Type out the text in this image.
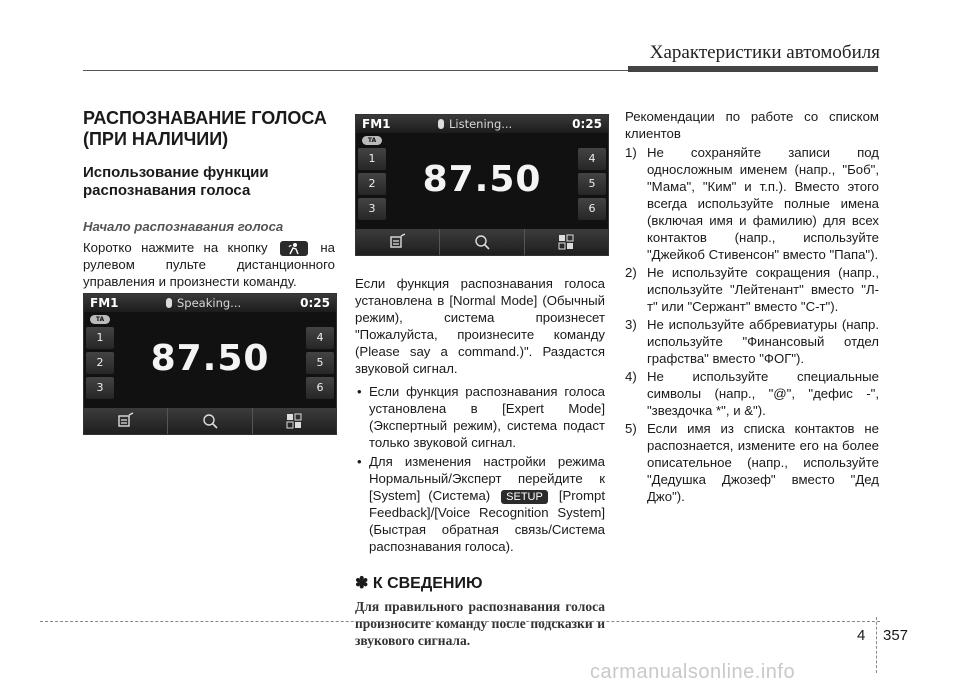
Характеристики автомобиля
РАСПОЗНАВАНИЕ ГОЛОСА (ПРИ НАЛИЧИИ)
Использование функции распознавания голоса
Начало распознавания голоса

Коротко нажмите на кнопку	на рулевом пульте дистанционного управления и произнести команду.

FM1	Speaking...	0:25
TA
1
2
3
4
5
6
87.50
FM1	Listening...	0:25
TA
1
2
3
4
5
6
87.50

Если функция распознавания голоса установлена в [Normal Mode] (Обычный режим), система произнесет "Пожалуйста, произнесите команду (Please say a command.)". Раздастся звуковой сигнал.

• Если функция распознавания голоса установлена в [Expert Mode] (Экспертный режим), система подаст только звуковой сигнал.
• Для изменения настройки режима Нормальный/Эксперт перейдите к [System] (Система) SETUP [Prompt Feedback]/[Voice Recognition System] (Быстрая обратная связь/Система распознавания голоса).
✽ К СВЕДЕНИЮ
Для правильного распознавания голоса произносите команду после подсказки и звукового сигнала.

Рекомендации по работе со списком клиентов

1) Не сохраняйте записи под односложным именем (напр., "Боб", "Мама", "Ким" и т.п.). Вместо этого всегда используйте полные имена (включая имя и фамилию) для всех контактов (напр., используйте "Джейкоб Стивенсон" вместо "Папа").
2) Не используйте сокращения (напр., используйте "Лейтенант" вместо "Л-т" или "Сержант" вместо "С-т").
3) Не используйте аббревиатуры (напр. используйте "Финансовый отдел графства" вместо "ФОГ").
4) Не используйте специальные символы (напр., "@", "дефис -", "звездочка *", и &").
5) Если имя из списка контактов не распознается, измените его на более описательное (напр., используйте "Дедушка Джозеф" вместо "Дед Джо").
4 357
carmanualsonline.info
